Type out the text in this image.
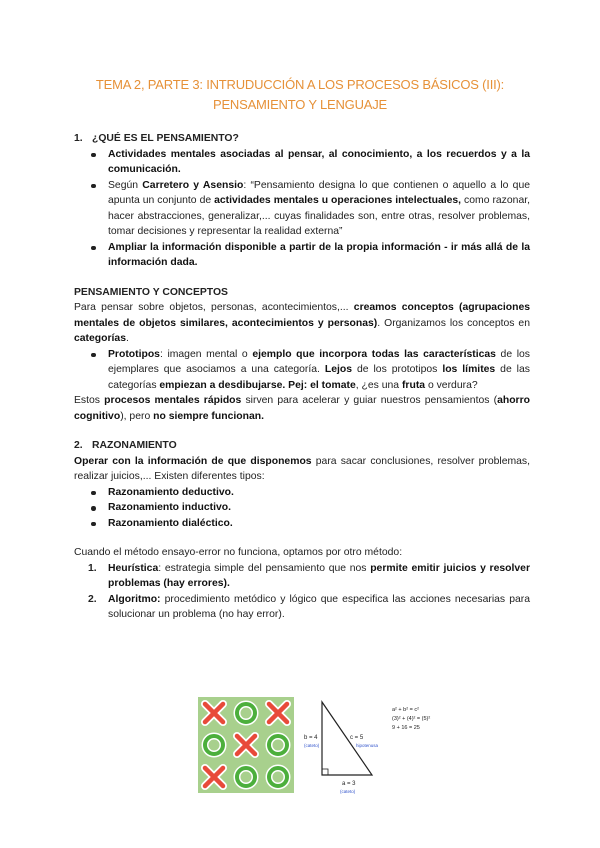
TEMA 2, PARTE 3: INTRUDUCCIÓN A LOS PROCESOS BÁSICOS (III):
PENSAMIENTO Y LENGUAJE
1. ¿QUÉ ES EL PENSAMIENTO?
Actividades mentales asociadas al pensar, al conocimiento, a los recuerdos y a la comunicación.
Según Carretero y Asensio: “Pensamiento designa lo que contienen o aquello a lo que apunta un conjunto de actividades mentales u operaciones intelectuales, como razonar, hacer abstracciones, generalizar,... cuyas finalidades son, entre otras, resolver problemas, tomar decisiones y representar la realidad externa”
Ampliar la información disponible a partir de la propia información - ir más allá de la información dada.

PENSAMIENTO Y CONCEPTOS

Para pensar sobre objetos, personas, acontecimientos,... creamos conceptos (agrupaciones mentales de objetos similares, acontecimientos y personas). Organizamos los conceptos en categorías.

Prototipos: imagen mental o ejemplo que incorpora todas las características de los ejemplares que asociamos a una categoría. Lejos de los prototipos los límites de las categorías empiezan a desdibujarse. Pej: el tomate, ¿es una fruta o verdura?

Estos procesos mentales rápidos sirven para acelerar y guiar nuestros pensamientos (ahorro cognitivo), pero no siempre funcionan.

2. RAZONAMIENTO

Operar con la información de que disponemos para sacar conclusiones, resolver problemas, realizar juicios,... Existen diferentes tipos:

Razonamiento deductivo.
Razonamiento inductivo.
Razonamiento dialéctico.

Cuando el método ensayo-error no funciona, optamos por otro método:

1. Heurística: estrategia simple del pensamiento que nos permite emitir juicios y resolver problemas (hay errores).
2. Algoritmo: procedimiento metódico y lógico que especifica las acciones necesarias para solucionar un problema (no hay error).
b = 4
(cateto)
c = 5
hipotenusa
a = 3
(cateto)
a² + b² = c²
(3)² + (4)² = (5)²
9 + 16 = 25
